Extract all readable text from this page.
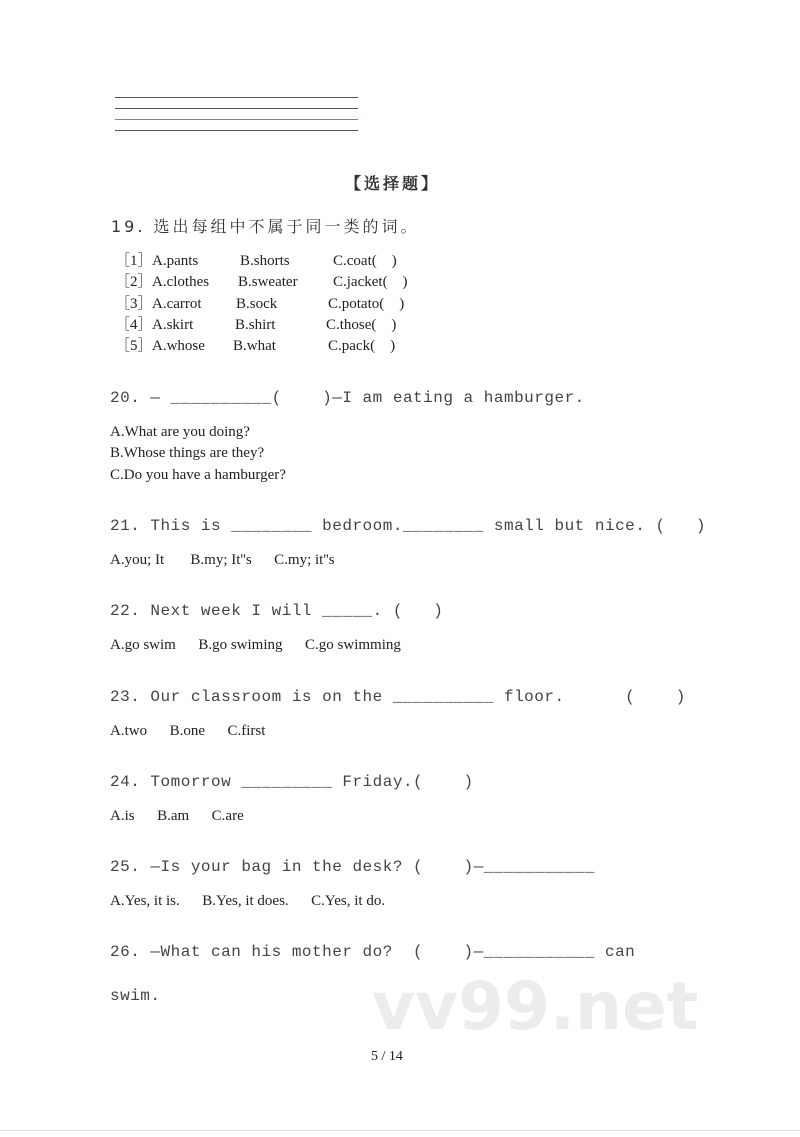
【选择题】
19. 选出每组中不属于同一类的词。
［1］ A.pants	B.shorts	C.coat(    )
［2］ A.clothes B.sweater C.jacket(    )
［3］ A.carrot B.sock	C.potato(    )
［4］ A.skirt	B.shirt	C.those(    )
［5］ A.whose B.what	C.pack(    )
20. — __________(    )—I am eating a hamburger.
A.What are you doing?
B.Whose things are they?
C.Do you have a hamburger?
21. This is ________ bedroom.________ small but nice. (   )
A.you; It       B.my; It''s      C.my; it''s
22. Next week I will _____. (   )
A.go swim      B.go swiming      C.go swimming
23. Our classroom is on the __________ floor.      (    )
A.two      B.one      C.first
24. Tomorrow _________ Friday.(    )
A.is      B.am      C.are
25. —Is your bag in the desk? (    )—___________
A.Yes, it is.      B.Yes, it does.      C.Yes, it do.
26. —What can his mother do?  (    )—___________ can
swim.	vv99.net
5 / 14
